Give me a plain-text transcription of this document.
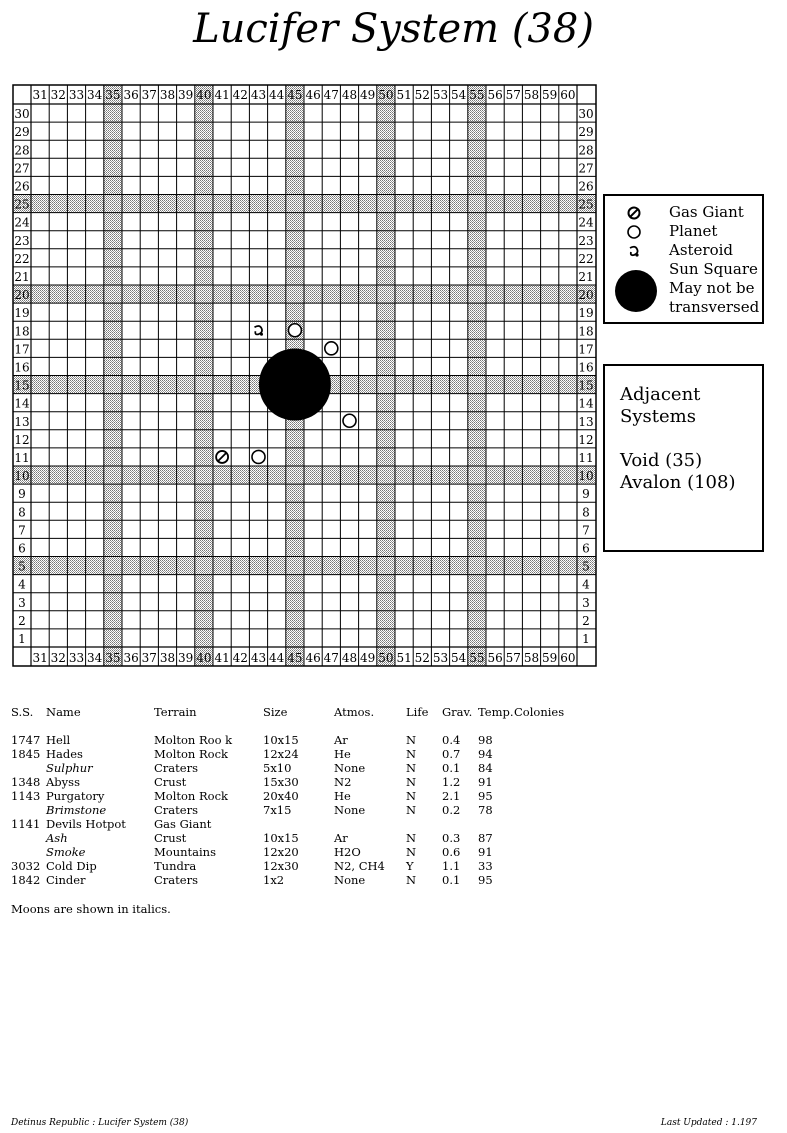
Lucifer System (38)
31
31
32
32
33
33
34
34
35
35
36
36
37
37
38
38
39
39
40
40
41
41
42
42
43
43
44
44
45
45
46
46
47
47
48
48
49
49
50
50
51
51
52
52
53
53
54
54
55
55
56
56
57
57
58
58
59
59
60
60
1	1
2	2
3	3
4	4
5	5
6	6
7	7
8	8
9	9
10	10
11	11
12	12
13	13
14	14
15	15
16	16
17	17
18	18
19	19
20	20
21	21
22	22
23	23
24	24
25	25
26	26
27	27
28	28
29	29
30	30
Gas Giant
Planet
Asteroid
Sun Square
May not be
transversed
Adjacent
Systems
Void (35)
Avalon (108)
S.S. Name	Terrain	Size	Atmos.	Life Grav. Temp. Colonies
1747 Hell	Molton Roo k	10x15	Ar	N 0.4 98
1845 Hades	Molton Rock	12x24	He	N 0.7 94
Sulphur	Craters	5x10	None	N 0.1 84
1348 Abyss	Crust	15x30	N2	N 1.2 91
1143 Purgatory	Molton Rock	20x40	He	N 2.1 95
Brimstone	Craters	7x15	None	N 0.2 78
1141 Devils Hotpot Gas Giant
Ash	Crust	10x15	Ar	N 0.3 87
Smoke	Mountains	12x20	H2O	N 0.6 91
3032 Cold Dip	Tundra	12x30	N2, CH4 Y 1.1 33
1842 Cinder	Craters	1x2	None	N 0.1 95
Moons are shown in italics.
Detinus Republic : Lucifer System (38)	Last Updated : 1.197
